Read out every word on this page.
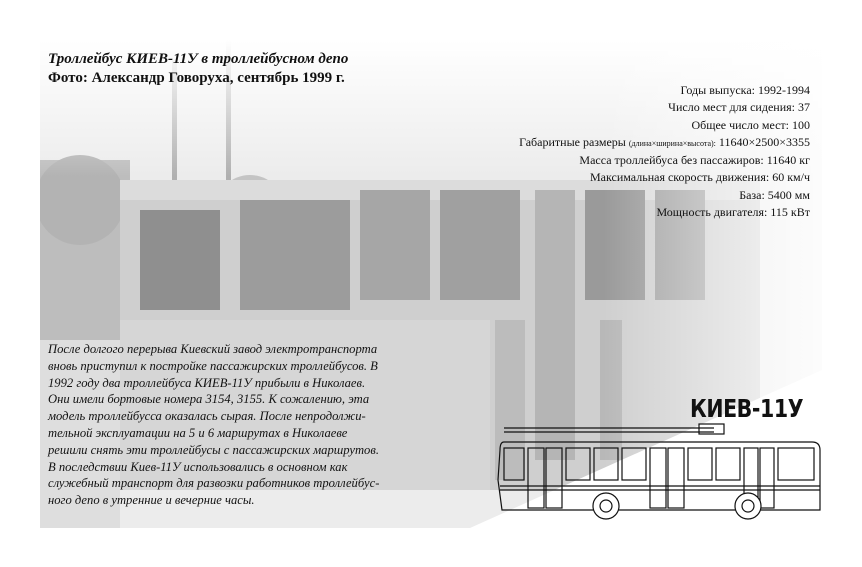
Троллейбус КИЕВ-11У в троллейбусном депо
Фото: Александр Говоруха, сентябрь 1999 г.
Годы выпуска: 1992-1994
Число мест для сидения: 37
Общее число мест: 100
Габаритные размеры (длина×ширина×высота): 11640×2500×3355
Масса троллейбуса без пассажиров: 11640 кг
Максимальная скорость движения: 60 км/ч
База: 5400 мм
Мощность двигателя: 115 кВт
После долгого перерыва Киевский завод электротранспорта
вновь приступил к постройке пассажирских троллейбусов. В
1992 году два троллейбуса КИЕВ-11У прибыли в Николаев.
Они имели бортовые номера 3154, 3155. К сожалению, эта
модель троллейбусса оказалась сырая. После непродолжи-
тельной эксплуатации на 5 и 6 маршрутах в Николаеве
решили снять эти троллейбусы с пассажирских маршрутов.
В последствии Киев-11У использовались в основном как
служебный транспорт для развозки работников троллейбус-
ного депо в утренние и вечерние часы.
КИЕВ-11У
